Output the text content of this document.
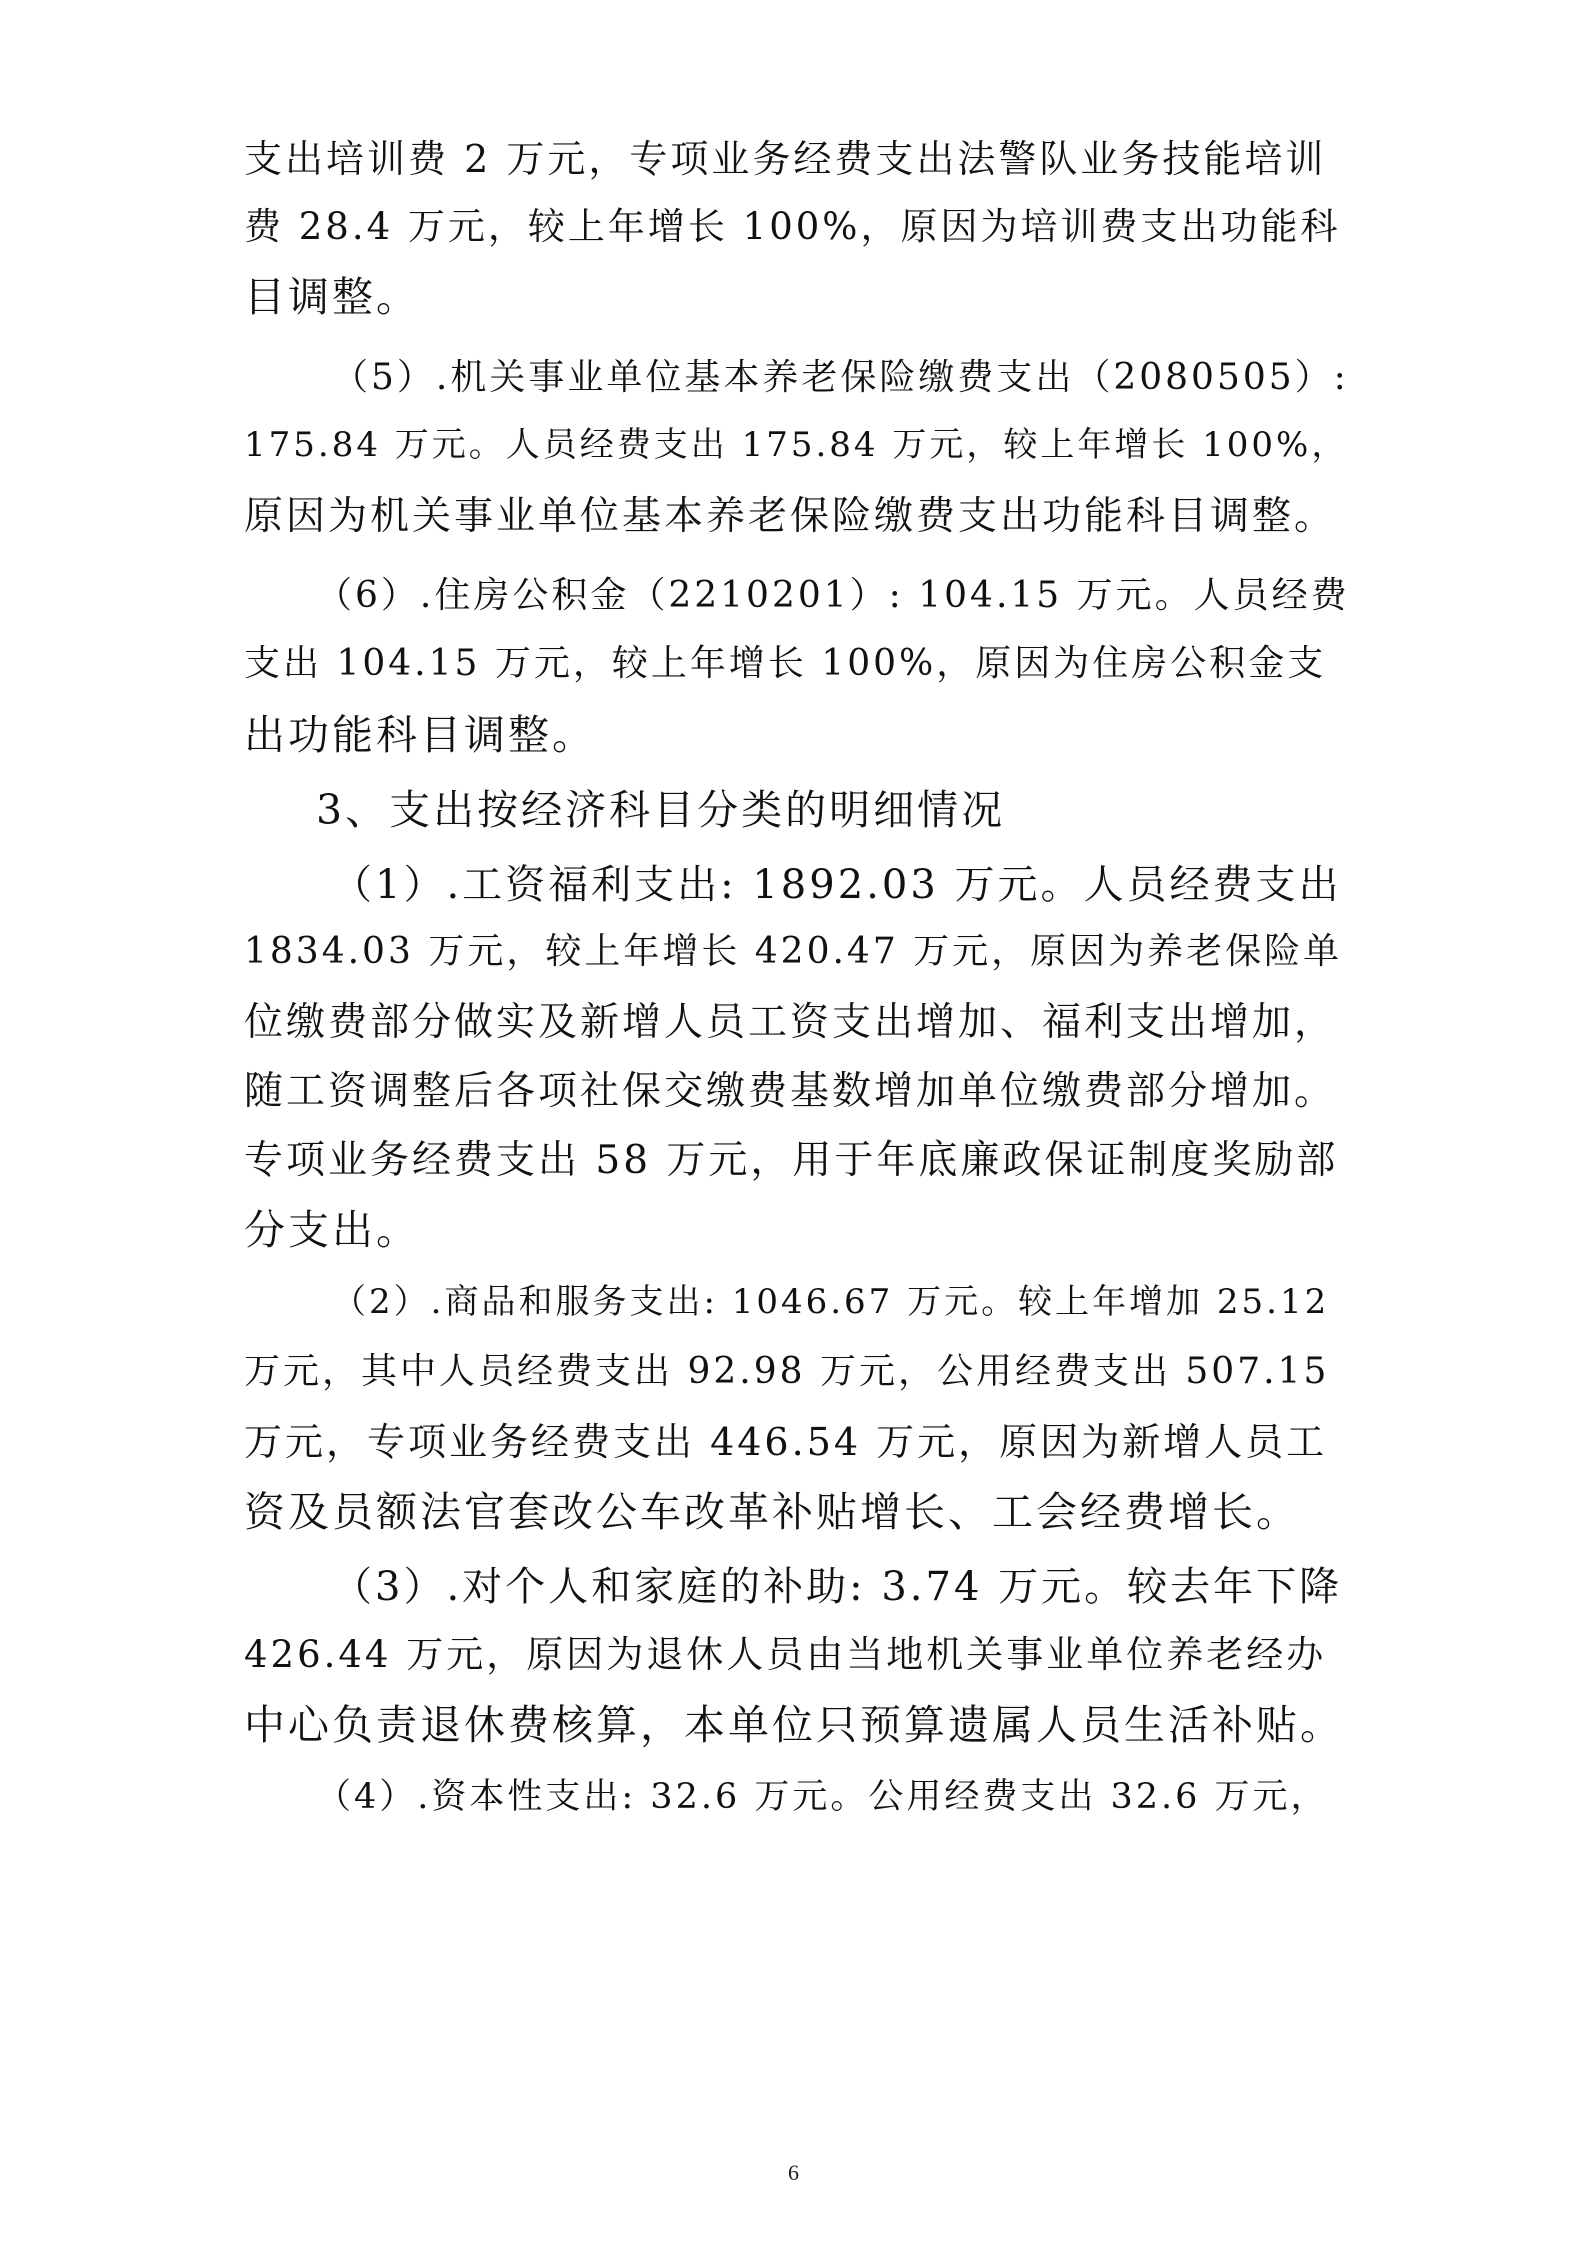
支出培训费 2 万元，专项业务经费支出法警队业务技能培训
费 28.4 万元，较上年增长 100%，原因为培训费支出功能科
目调整。
（5）.机关事业单位基本养老保险缴费支出（2080505）:
175.84 万元。人员经费支出 175.84 万元，较上年增长 100%，
原因为机关事业单位基本养老保险缴费支出功能科目调整。
（6）.住房公积金（2210201）: 104.15 万元。人员经费
支出 104.15 万元，较上年增长 100%，原因为住房公积金支
出功能科目调整。
3、支出按经济科目分类的明细情况
（1）.工资福利支出: 1892.03 万元。人员经费支出
1834.03 万元，较上年增长 420.47 万元，原因为养老保险单
位缴费部分做实及新增人员工资支出增加、福利支出增加，
随工资调整后各项社保交缴费基数增加单位缴费部分增加。
专项业务经费支出 58 万元，用于年底廉政保证制度奖励部
分支出。
（2）.商品和服务支出: 1046.67 万元。较上年增加 25.12
万元，其中人员经费支出 92.98 万元，公用经费支出 507.15
万元，专项业务经费支出 446.54 万元，原因为新增人员工
资及员额法官套改公车改革补贴增长、工会经费增长。
（3）.对个人和家庭的补助: 3.74 万元。较去年下降
426.44 万元，原因为退休人员由当地机关事业单位养老经办
中心负责退休费核算，本单位只预算遗属人员生活补贴。
（4）.资本性支出: 32.6 万元。公用经费支出 32.6 万元，
6
